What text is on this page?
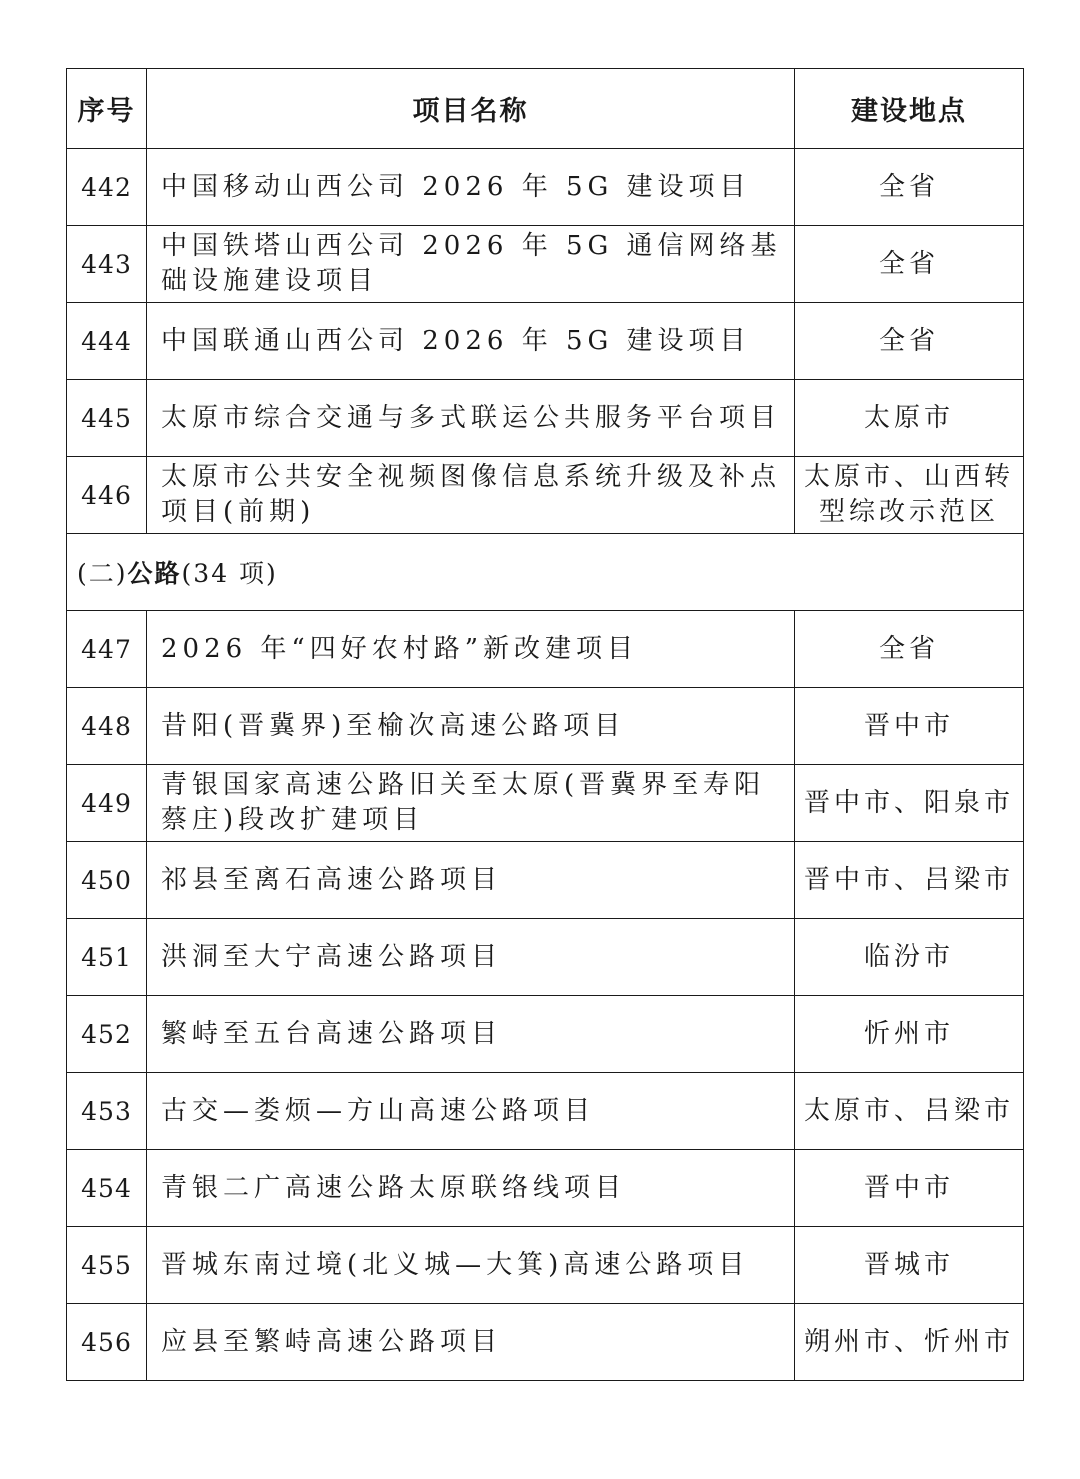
序号	项目名称	建设地点
442	中国移动山西公司 2026 年 5G 建设项目	全省
443	中国铁塔山西公司 2026 年 5G 通信网络基础设施建设项目	全省
444	中国联通山西公司 2026 年 5G 建设项目	全省
445	太原市综合交通与多式联运公共服务平台项目	太原市
446	太原市公共安全视频图像信息系统升级及补点项目(前期)	太原市、山西转型综改示范区
(二)公路(34 项)		
447	2026 年“四好农村路”新改建项目	全省
448	昔阳(晋冀界)至榆次高速公路项目	晋中市
449	青银国家高速公路旧关至太原(晋冀界至寿阳蔡庄)段改扩建项目	晋中市、阳泉市
450	祁县至离石高速公路项目	晋中市、吕梁市
451	洪洞至大宁高速公路项目	临汾市
452	繁峙至五台高速公路项目	忻州市
453	古交—娄烦—方山高速公路项目	太原市、吕梁市
454	青银二广高速公路太原联络线项目	晋中市
455	晋城东南过境(北义城—大箕)高速公路项目	晋城市
456	应县至繁峙高速公路项目	朔州市、忻州市
